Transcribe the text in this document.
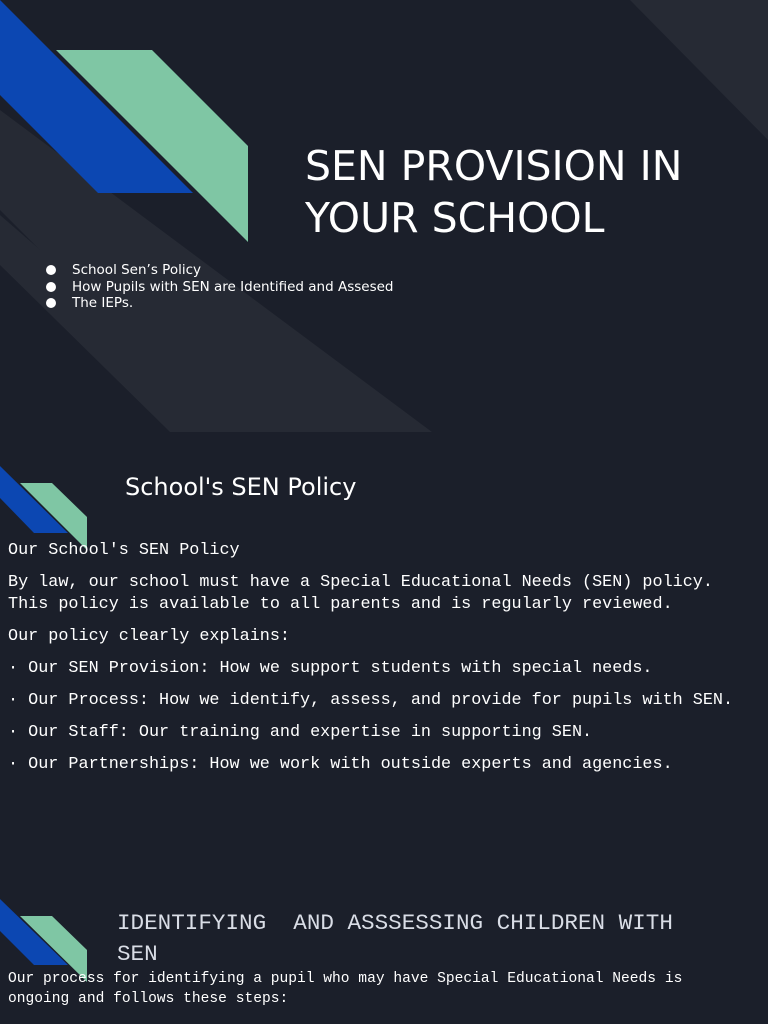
SEN PROVISION IN YOUR SCHOOL
School Sen’s Policy
How Pupils with SEN are Identified and Assesed
The IEPs.
School's SEN Policy

Our School's SEN Policy

By law, our school must have a Special Educational Needs (SEN) policy. This policy is available to all parents and is regularly reviewed.

Our policy clearly explains:

· Our SEN Provision: How we support students with special needs.

· Our Process: How we identify, assess, and provide for pupils with SEN.

· Our Staff: Our training and expertise in supporting SEN.

· Our Partnerships: How we work with outside experts and agencies.

IDENTIFYING  AND ASSSESSING CHILDREN WITH SEN

Our process for identifying a pupil who may have Special Educational Needs is ongoing and follows these steps:
